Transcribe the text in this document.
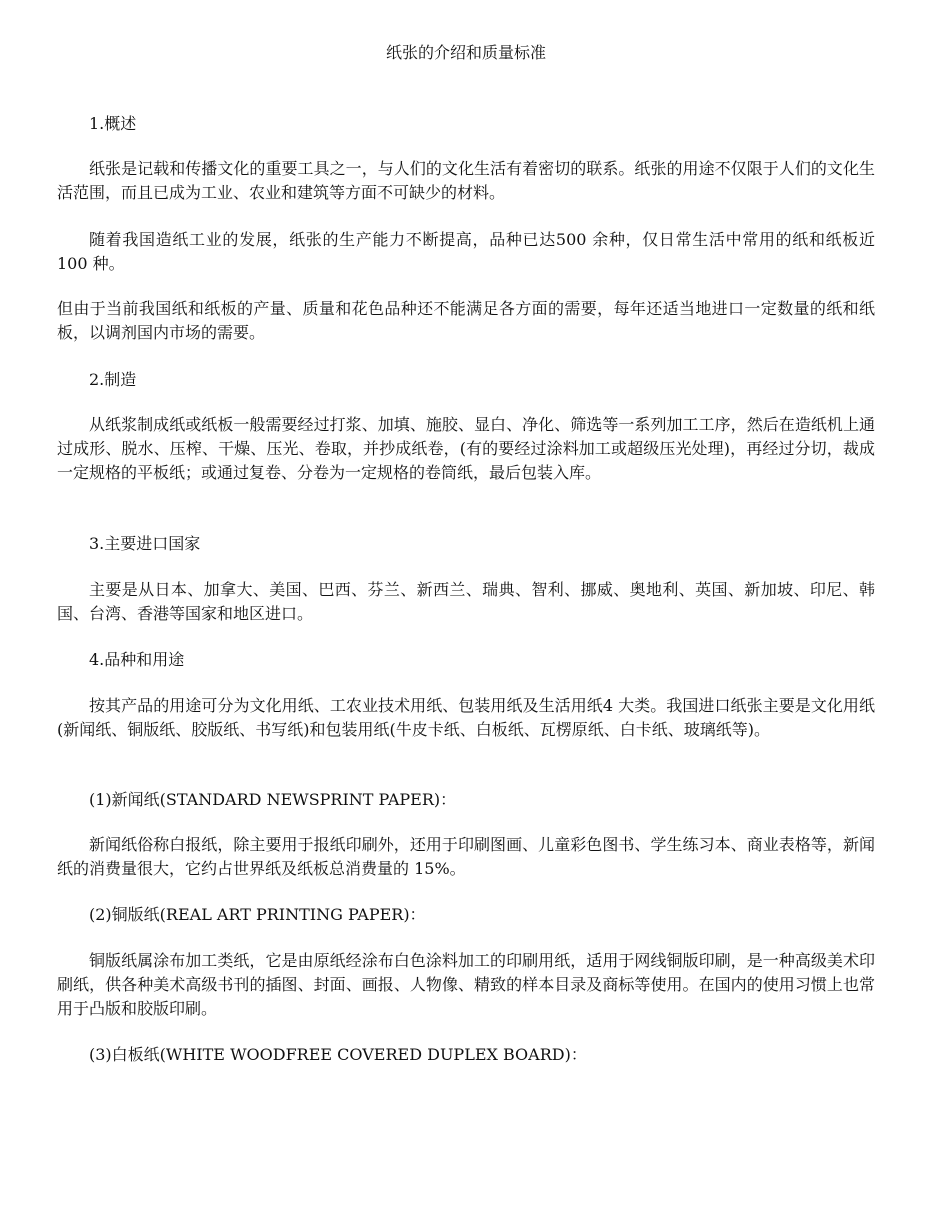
纸张的介绍和质量标准

1.概述

纸张是记载和传播文化的重要工具之一，与人们的文化生活有着密切的联系。纸张的用途不仅限于人们的文化生活范围，而且已成为工业、农业和建筑等方面不可缺少的材料。

随着我国造纸工业的发展，纸张的生产能力不断提高，品种已达500 余种，仅日常生活中常用的纸和纸板近100 种。

但由于当前我国纸和纸板的产量、质量和花色品种还不能满足各方面的需要，每年还适当地进口一定数量的纸和纸板，以调剂国内市场的需要。

2.制造

从纸浆制成纸或纸板一般需要经过打浆、加填、施胶、显白、净化、筛选等一系列加工工序，然后在造纸机上通过成形、脱水、压榨、干燥、压光、卷取，并抄成纸卷，(有的要经过涂料加工或超级压光处理)，再经过分切，裁成一定规格的平板纸；或通过复卷、分卷为一定规格的卷筒纸，最后包装入库。

3.主要进口国家

主要是从日本、加拿大、美国、巴西、芬兰、新西兰、瑞典、智利、挪威、奥地利、英国、新加坡、印尼、韩国、台湾、香港等国家和地区进口。

4.品种和用途

按其产品的用途可分为文化用纸、工农业技术用纸、包装用纸及生活用纸4 大类。我国进口纸张主要是文化用纸(新闻纸、铜版纸、胶版纸、书写纸)和包装用纸(牛皮卡纸、白板纸、瓦楞原纸、白卡纸、玻璃纸等)。

(1)新闻纸(STANDARD NEWSPRINT PAPER)：

新闻纸俗称白报纸，除主要用于报纸印刷外，还用于印刷图画、儿童彩色图书、学生练习本、商业表格等，新闻纸的消费量很大，它约占世界纸及纸板总消费量的 15%。

(2)铜版纸(REAL ART PRINTING PAPER)：

铜版纸属涂布加工类纸，它是由原纸经涂布白色涂料加工的印刷用纸，适用于网线铜版印刷，是一种高级美术印刷纸，供各种美术高级书刊的插图、封面、画报、人物像、精致的样本目录及商标等使用。在国内的使用习惯上也常用于凸版和胶版印刷。

(3)白板纸(WHITE WOODFREE COVERED DUPLEX BOARD)：
